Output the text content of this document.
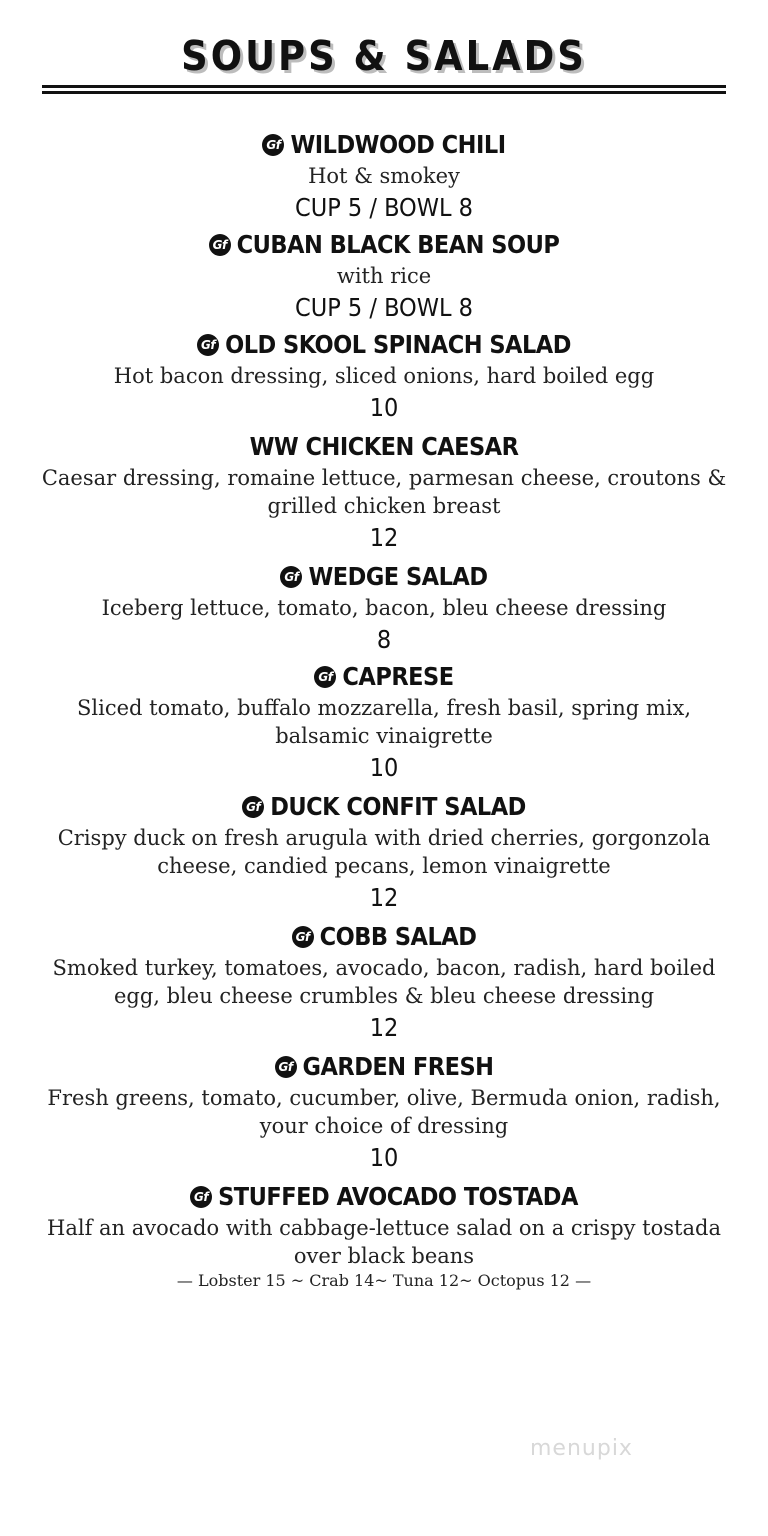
SOUPS & SALADS
Gf WILDWOOD CHILI
Hot & smokey
CUP 5 / BOWL 8
Gf CUBAN BLACK BEAN SOUP
with rice
CUP 5 / BOWL 8
Gf OLD SKOOL SPINACH SALAD
Hot bacon dressing, sliced onions, hard boiled egg
10
WW CHICKEN CAESAR
Caesar dressing, romaine lettuce, parmesan cheese, croutons & grilled chicken breast
12
Gf WEDGE SALAD
Iceberg lettuce, tomato, bacon, bleu cheese dressing
8
Gf CAPRESE
Sliced tomato, buffalo mozzarella, fresh basil, spring mix, balsamic vinaigrette
10
Gf DUCK CONFIT SALAD
Crispy duck on fresh arugula with dried cherries, gorgonzola cheese, candied pecans, lemon vinaigrette
12
Gf COBB SALAD
Smoked turkey, tomatoes, avocado, bacon, radish, hard boiled egg, bleu cheese crumbles & bleu cheese dressing
12
Gf GARDEN FRESH
Fresh greens, tomato, cucumber, olive, Bermuda onion, radish, your choice of dressing
10
Gf STUFFED AVOCADO TOSTADA
Half an avocado with cabbage-lettuce salad on a crispy tostada over black beans
— Lobster 15 ~ Crab 14~ Tuna 12~ Octopus 12 —
menupix
